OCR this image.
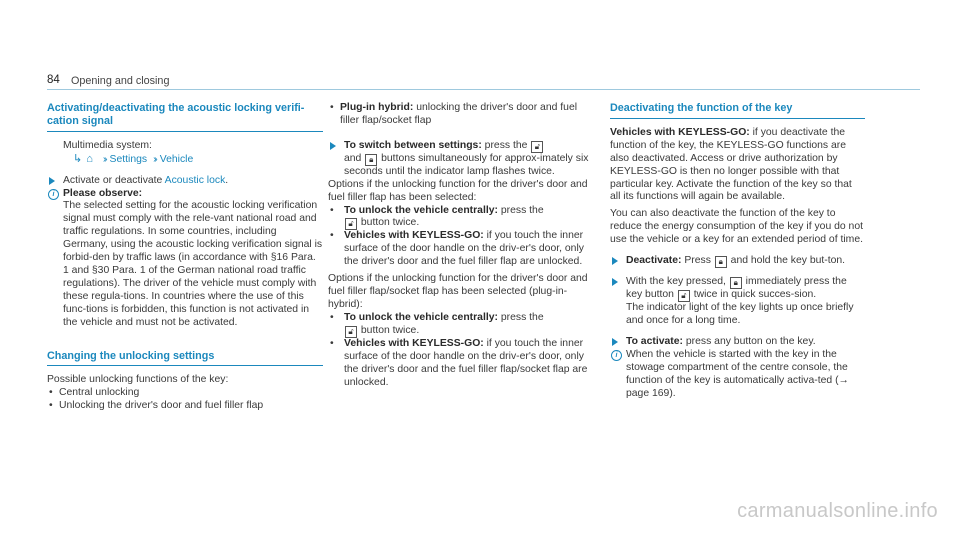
84 Opening and closing
Activating/deactivating the acoustic locking verifi-
cation signal
Multimedia system:
↳ ⌂ ›› Settings ›› Vehicle
Activate or deactivate Acoustic lock.
i Please observe:
The selected setting for the acoustic locking verification signal must comply with the rele-vant national road and traffic regulations. In some countries, including Germany, using the acoustic locking verification signal is forbid-den by traffic laws (in accordance with §16 Para. 1 and §30 Para. 1 of the German national road traffic regulations). The driver of the vehicle must comply with these regula-tions. In countries where the use of this func-tions is forbidden, this function is not activated in the vehicle and must not be activated.
Changing the unlocking settings
Possible unlocking functions of the key:
• Central unlocking
• Unlocking the driver's door and fuel filler flap
• Plug-in hybrid: unlocking the driver's door and fuel filler flap/socket flap
To switch between settings: press the 🔓︎
and 🔒︎ buttons simultaneously for approx-imately six seconds until the indicator lamp flashes twice.
Options if the unlocking function for the driver's door and fuel filler flap has been selected:
• To unlock the vehicle centrally: press the
🔓︎ button twice.
• Vehicles with KEYLESS-GO: if you touch the inner surface of the door handle on the driv-er's door, only the driver's door and the fuel filler flap are unlocked.
Options if the unlocking function for the driver's door and fuel filler flap/socket flap has been selected (plug-in-hybrid):
• To unlock the vehicle centrally: press the
🔓︎ button twice.
• Vehicles with KEYLESS-GO: if you touch the inner surface of the door handle on the driv-er's door, only the driver's door and the fuel filler flap/socket flap are unlocked.
Deactivating the function of the key
Vehicles with KEYLESS-GO: if you deactivate the function of the key, the KEYLESS-GO functions are also deactivated. Access or drive authorization by KEYLESS-GO is then no longer possible with that particular key. Activate the function of the key so that all its functions will again be available.
You can also deactivate the function of the key to reduce the energy consumption of the key if you do not use the vehicle or a key for an extended period of time.
Deactivate: Press 🔒︎ and hold the key but-ton.
With the key pressed, 🔒︎ immediately press the key button 🔓︎ twice in quick succes-sion.
The indicator light of the key lights up once briefly and once for a long time.
To activate: press any button on the key.
i When the vehicle is started with the key in the stowage compartment of the centre console, the function of the key is automatically activa-ted (→ page 169).
carmanualsonline.info
